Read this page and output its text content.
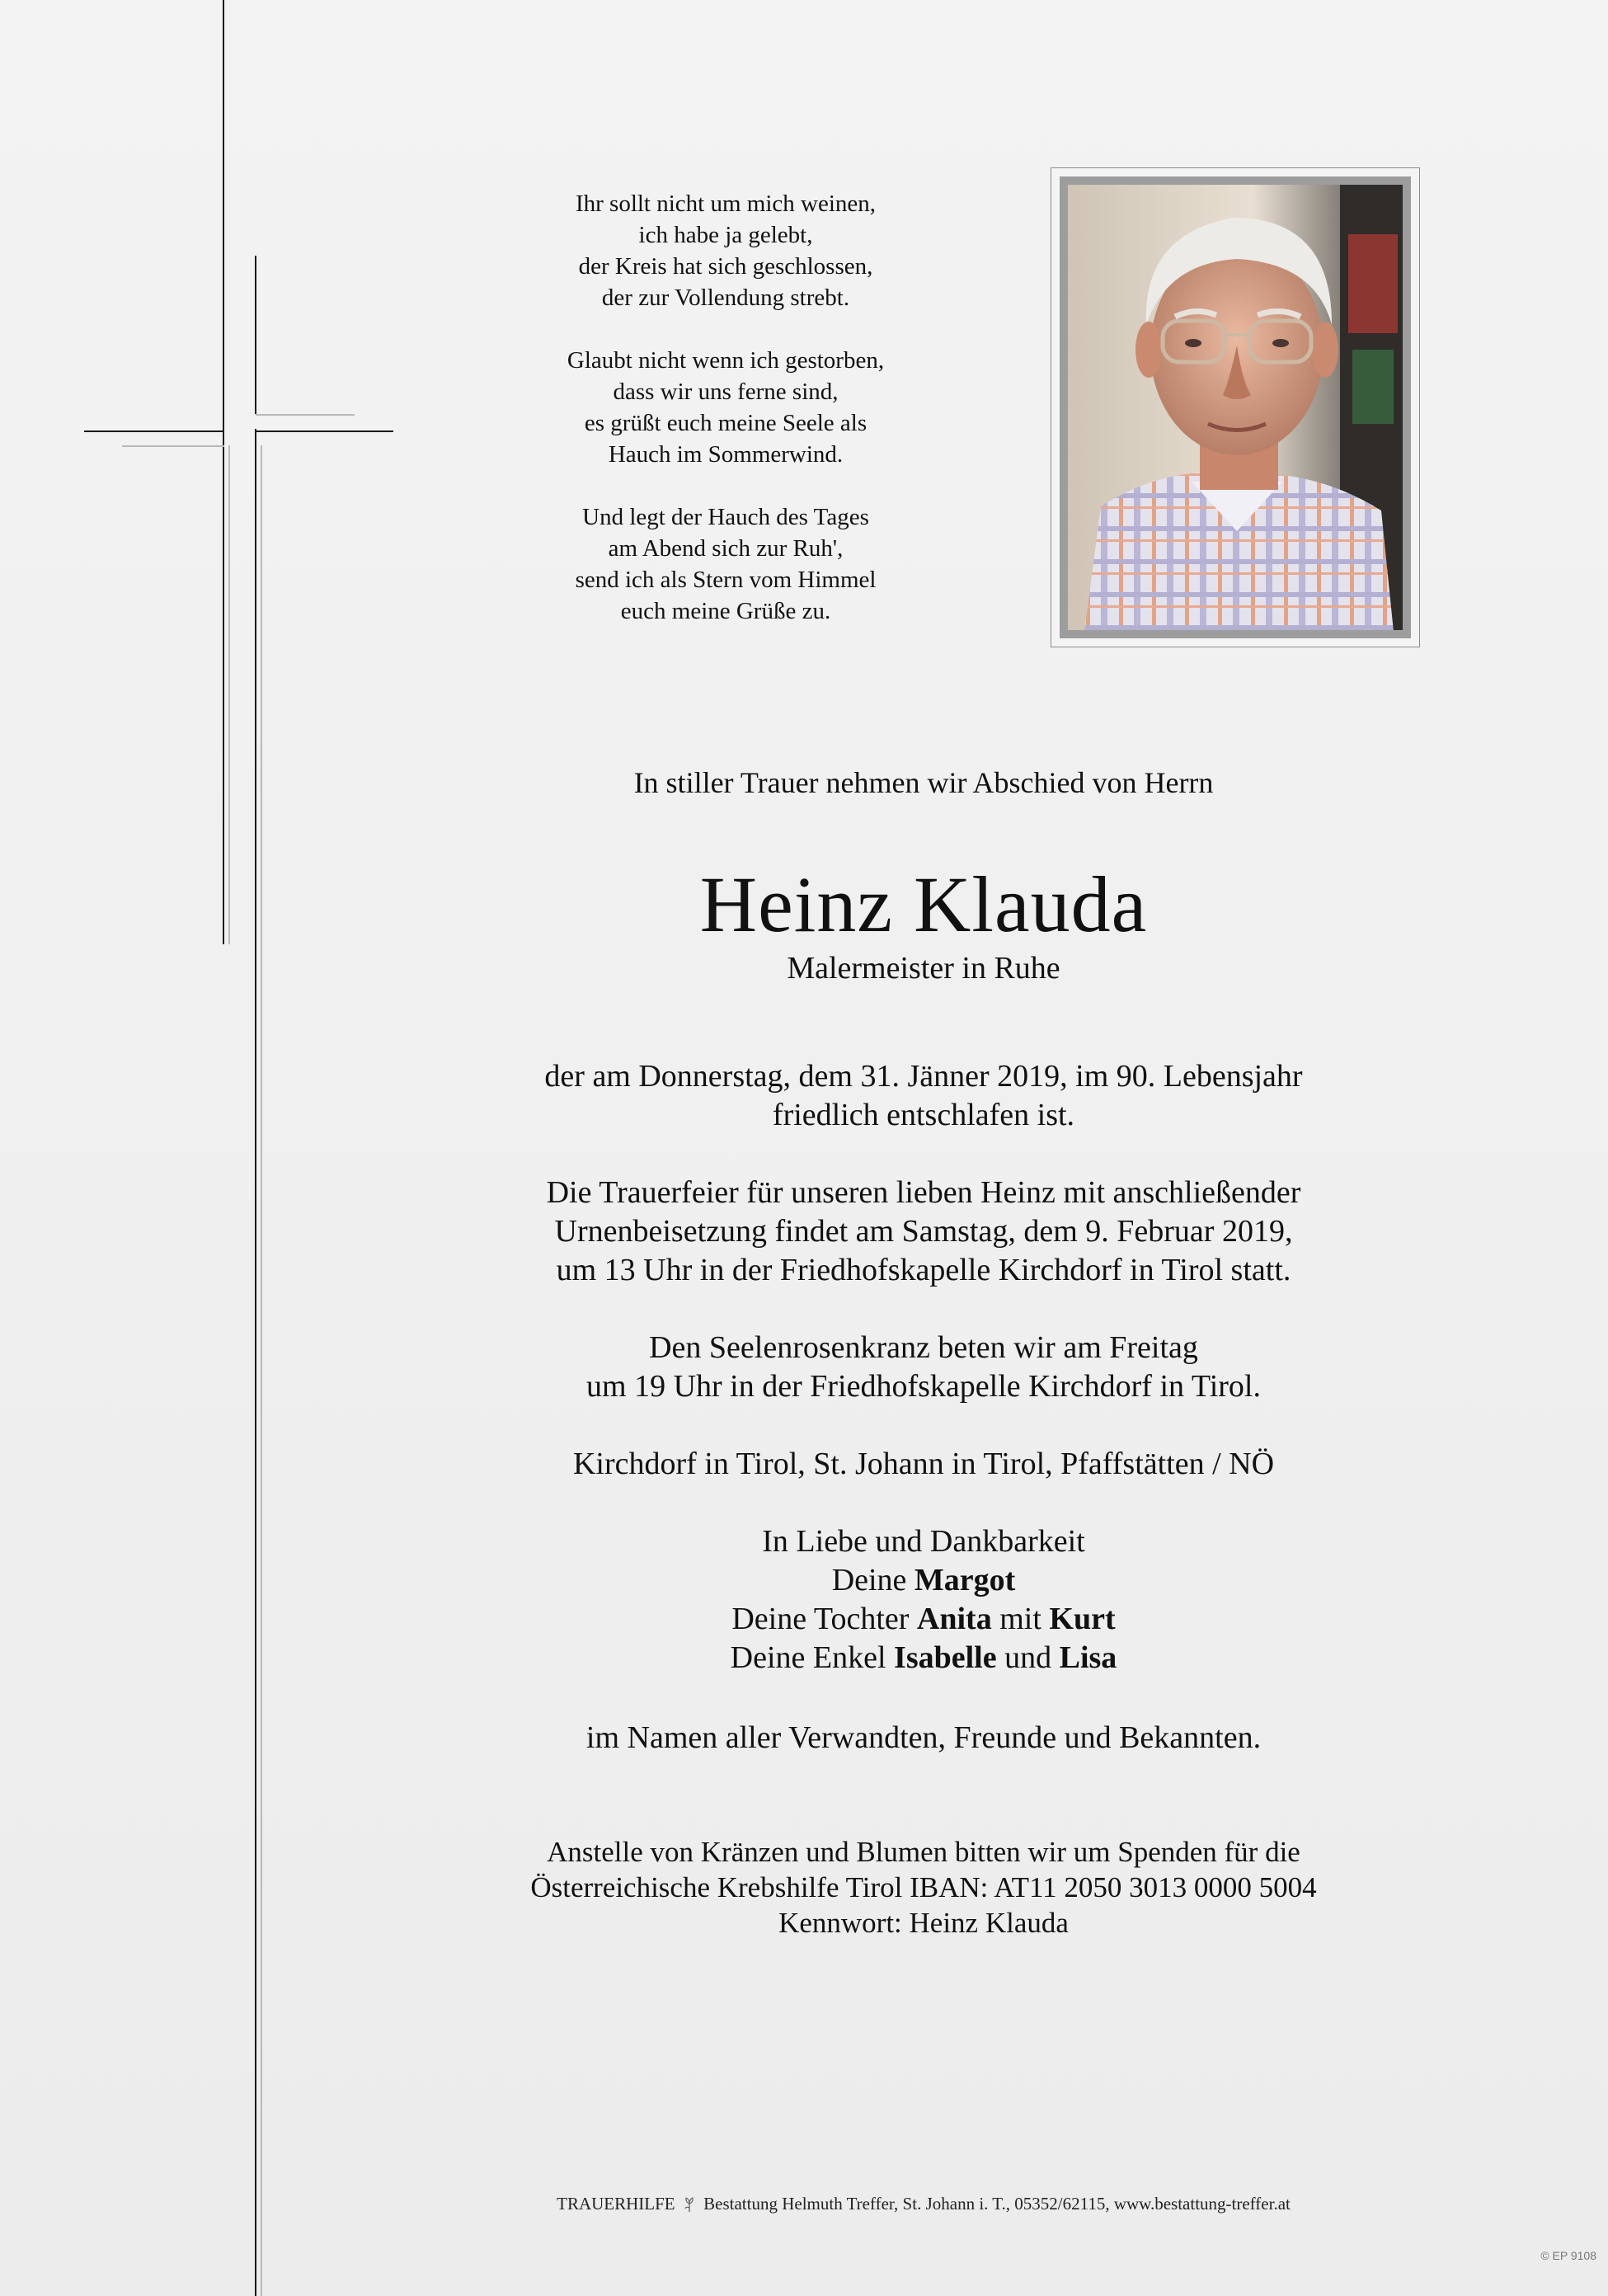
Ihr sollt nicht um mich weinen,
ich habe ja gelebt,
der Kreis hat sich geschlossen,
der zur Vollendung strebt.
Glaubt nicht wenn ich gestorben,
dass wir uns ferne sind,
es grüßt euch meine Seele als
Hauch im Sommerwind.
Und legt der Hauch des Tages
am Abend sich zur Ruh',
send ich als Stern vom Himmel
euch meine Grüße zu.
In stiller Trauer nehmen wir Abschied von Herrn
Heinz Klauda
Malermeister in Ruhe

der am Donnerstag, dem 31. Jänner 2019, im 90. Lebensjahr
friedlich entschlafen ist.

Die Trauerfeier für unseren lieben Heinz mit anschließender
Urnenbeisetzung findet am Samstag, dem 9. Februar 2019,
um 13 Uhr in der Friedhofskapelle Kirchdorf in Tirol statt.

Den Seelenrosenkranz beten wir am Freitag
um 19 Uhr in der Friedhofskapelle Kirchdorf in Tirol.

Kirchdorf in Tirol, St. Johann in Tirol, Pfaffstätten / NÖ

In Liebe und Dankbarkeit

Deine Margot
Deine Tochter Anita mit Kurt
Deine Enkel Isabelle und Lisa
im Namen aller Verwandten, Freunde und Bekannten.
Anstelle von Kränzen und Blumen bitten wir um Spenden für die
Österreichische Krebshilfe Tirol IBAN: AT11 2050 3013 0000 5004
Kennwort: Heinz Klauda
TRAUERHILFE Bestattung Helmuth Treffer, St. Johann i. T., 05352/62115, www.bestattung-treffer.at
© EP 9108
